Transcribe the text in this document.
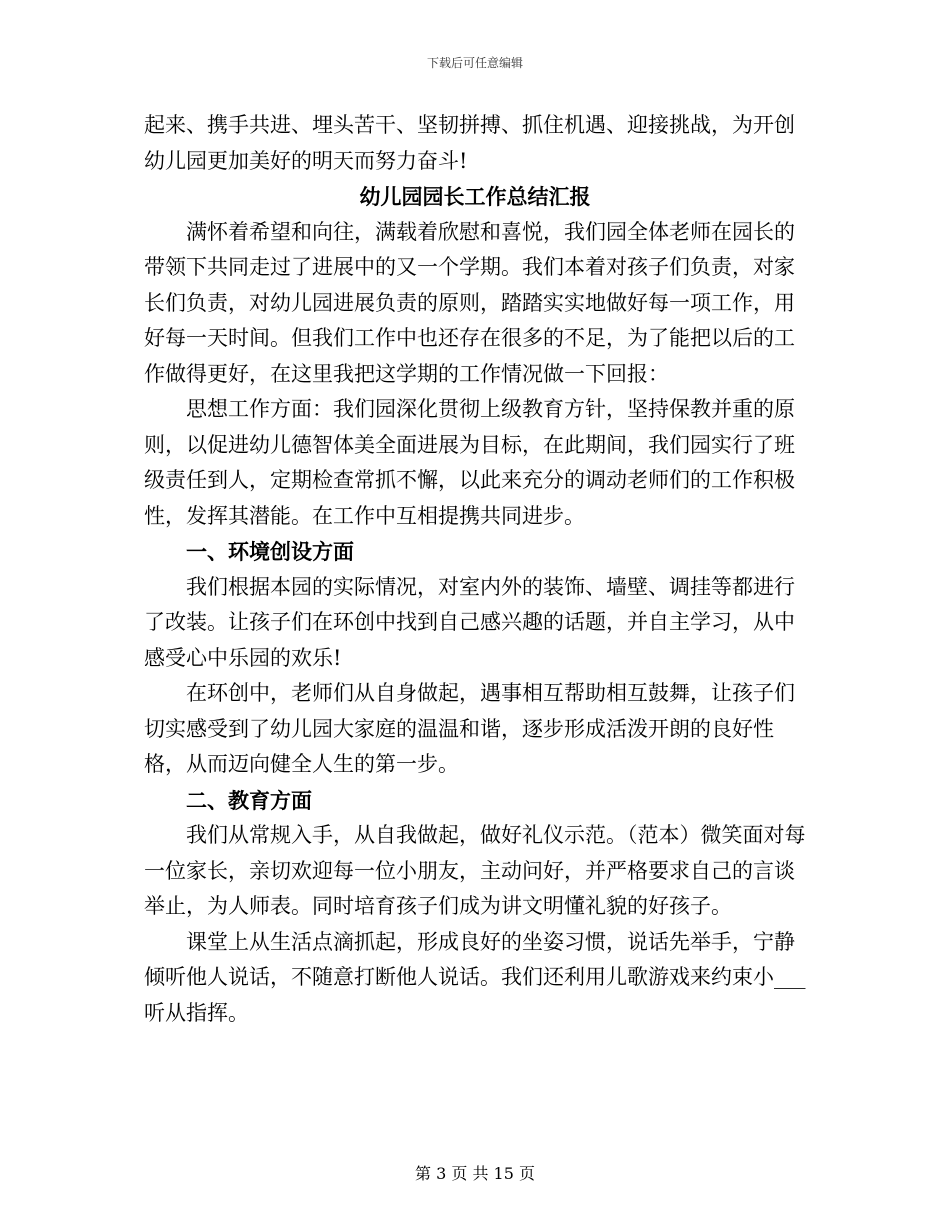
下载后可任意编辑

起来、携手共进、埋头苦干、坚韧拼搏、抓住机遇、迎接挑战，为开创幼儿园更加美好的明天而努力奋斗!

幼儿园园长工作总结汇报

满怀着希望和向往，满载着欣慰和喜悦，我们园全体老师在园长的带领下共同走过了进展中的又一个学期。我们本着对孩子们负责，对家长们负责，对幼儿园进展负责的原则，踏踏实实地做好每一项工作，用好每一天时间。但我们工作中也还存在很多的不足，为了能把以后的工作做得更好，在这里我把这学期的工作情况做一下回报：

思想工作方面：我们园深化贯彻上级教育方针，坚持保教并重的原则，以促进幼儿德智体美全面进展为目标，在此期间，我们园实行了班级责任到人，定期检查常抓不懈，以此来充分的调动老师们的工作积极性，发挥其潜能。在工作中互相提携共同进步。

一、环境创设方面

我们根据本园的实际情况，对室内外的装饰、墙壁、调挂等都进行了改装。让孩子们在环创中找到自己感兴趣的话题，并自主学习，从中感受心中乐园的欢乐!

在环创中，老师们从自身做起，遇事相互帮助相互鼓舞，让孩子们切实感受到了幼儿园大家庭的温温和谐，逐步形成活泼开朗的良好性格，从而迈向健全人生的第一步。

二、教育方面

我们从常规入手，从自我做起，做好礼仪示范。（范本）微笑面对每一位家长，亲切欢迎每一位小朋友，主动问好，并严格要求自己的言谈举止，为人师表。同时培育孩子们成为讲文明懂礼貌的好孩子。

课堂上从生活点滴抓起，形成良好的坐姿习惯，说话先举手，宁静倾听他人说话，不随意打断他人说话。我们还利用儿歌游戏来约束小___听从指挥。

第 3 页 共 15 页
